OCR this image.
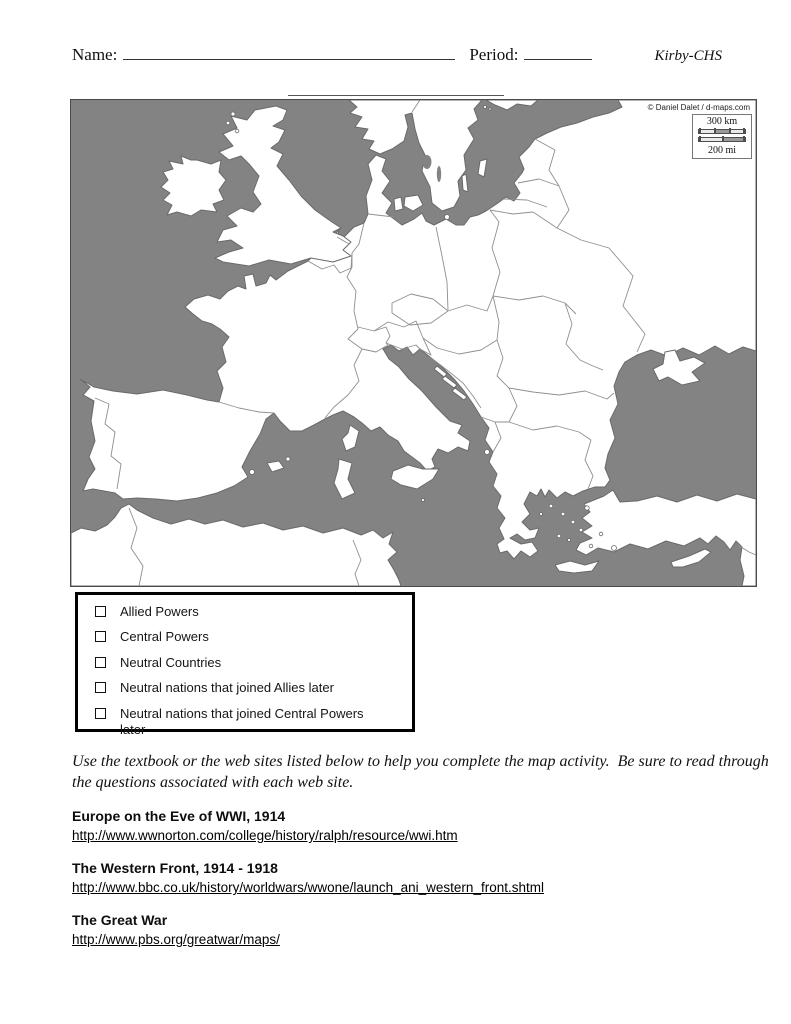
Name:	Period:	Kirby-CHS
© Daniel Dalet / d-maps.com
300 km
200 mi
Allied Powers
Central Powers
Neutral Countries
Neutral nations that joined Allies later
Neutral nations that joined Central Powers later
Use the textbook or the web sites listed below to help you complete the map activity.  Be sure to read through the questions associated with each web site.
Europe on the Eve of WWI, 1914
http://www.wwnorton.com/college/history/ralph/resource/wwi.htm
The Western Front, 1914 - 1918
http://www.bbc.co.uk/history/worldwars/wwone/launch_ani_western_front.shtml
The Great War
http://www.pbs.org/greatwar/maps/
